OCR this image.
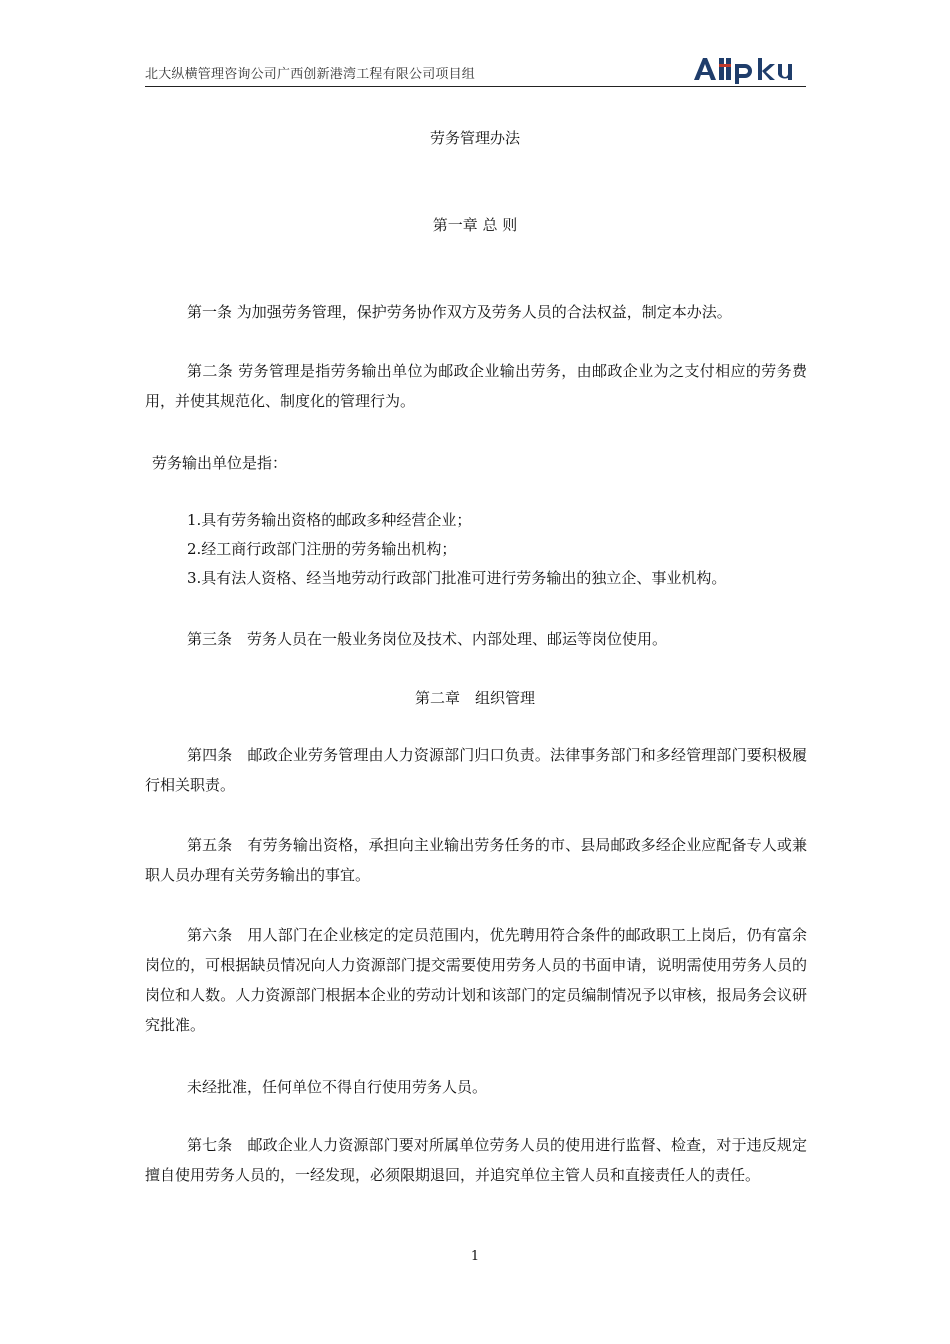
北大纵横管理咨询公司广西创新港湾工程有限公司项目组
劳务管理办法
第一章 总 则
第一条 为加强劳务管理，保护劳务协作双方及劳务人员的合法权益，制定本办法。
第二条 劳务管理是指劳务输出单位为邮政企业输出劳务，由邮政企业为之支付相应的劳务费用，并使其规范化、制度化的管理行为。
劳务输出单位是指：
1.具有劳务输出资格的邮政多种经营企业；
2.经工商行政部门注册的劳务输出机构；
3.具有法人资格、经当地劳动行政部门批准可进行劳务输出的独立企、事业机构。
第三条　劳务人员在一般业务岗位及技术、内部处理、邮运等岗位使用。
第二章　组织管理
第四条　邮政企业劳务管理由人力资源部门归口负责。法律事务部门和多经管理部门要积极履行相关职责。
第五条　有劳务输出资格，承担向主业输出劳务任务的市、县局邮政多经企业应配备专人或兼职人员办理有关劳务输出的事宜。
第六条　用人部门在企业核定的定员范围内，优先聘用符合条件的邮政职工上岗后，仍有富余岗位的，可根据缺员情况向人力资源部门提交需要使用劳务人员的书面申请，说明需使用劳务人员的岗位和人数。人力资源部门根据本企业的劳动计划和该部门的定员编制情况予以审核，报局务会议研究批准。
未经批准，任何单位不得自行使用劳务人员。
第七条　邮政企业人力资源部门要对所属单位劳务人员的使用进行监督、检查，对于违反规定擅自使用劳务人员的，一经发现，必须限期退回，并追究单位主管人员和直接责任人的责任。
1
